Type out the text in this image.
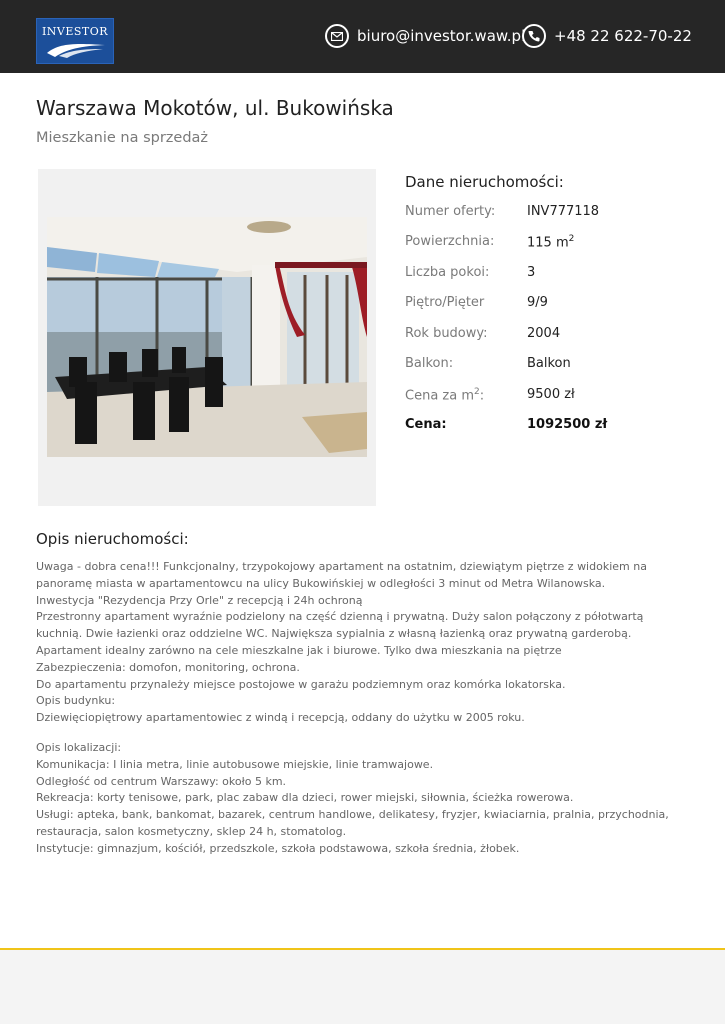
INVESTOR	biuro@investor.waw.pl +48 22 622-70-22
Warszawa Mokotów, ul. Bukowińska
Mieszkanie na sprzedaż
Dane nieruchomości:
Numer oferty:	INV777118
Powierzchnia:	115 $m^2$
Liczba pokoi:	3
Piętro/Pięter	9/9
Rok budowy:	2004
Balkon:	Balkon
Cena za $m^2$:	9500 zł
Cena:	1092500 zł
Opis nieruchomości:

Uwaga - dobra cena!!! Funkcjonalny, trzypokojowy apartament na ostatnim, dziewiątym piętrze z widokiem na

panoramę miasta w apartamentowcu na ulicy Bukowińskiej w odległości 3 minut od Metra Wilanowska.

Inwestycja "Rezydencja Przy Orle" z recepcją i 24h ochroną

Przestronny apartament wyraźnie podzielony na część dzienną i prywatną. Duży salon połączony z półotwartą

kuchnią. Dwie łazienki oraz oddzielne WC. Największa sypialnia z własną łazienką oraz prywatną garderobą.

Apartament idealny zarówno na cele mieszkalne jak i biurowe. Tylko dwa mieszkania na piętrze

Zabezpieczenia: domofon, monitoring, ochrona.

Do apartamentu przynależy miejsce postojowe w garażu podziemnym oraz komórka lokatorska.

Opis budynku:

Dziewięciopiętrowy apartamentowiec z windą i recepcją, oddany do użytku w 2005 roku.

Opis lokalizacji:

Komunikacja: I linia metra, linie autobusowe miejskie, linie tramwajowe.

Odległość od centrum Warszawy: około 5 km.

Rekreacja: korty tenisowe, park, plac zabaw dla dzieci, rower miejski, siłownia, ścieżka rowerowa.

Usługi: apteka, bank, bankomat, bazarek, centrum handlowe, delikatesy, fryzjer, kwiaciarnia, pralnia, przychodnia,

restauracja, salon kosmetyczny, sklep 24 h, stomatolog.

Instytucje: gimnazjum, kościół, przedszkole, szkoła podstawowa, szkoła średnia, żłobek.
